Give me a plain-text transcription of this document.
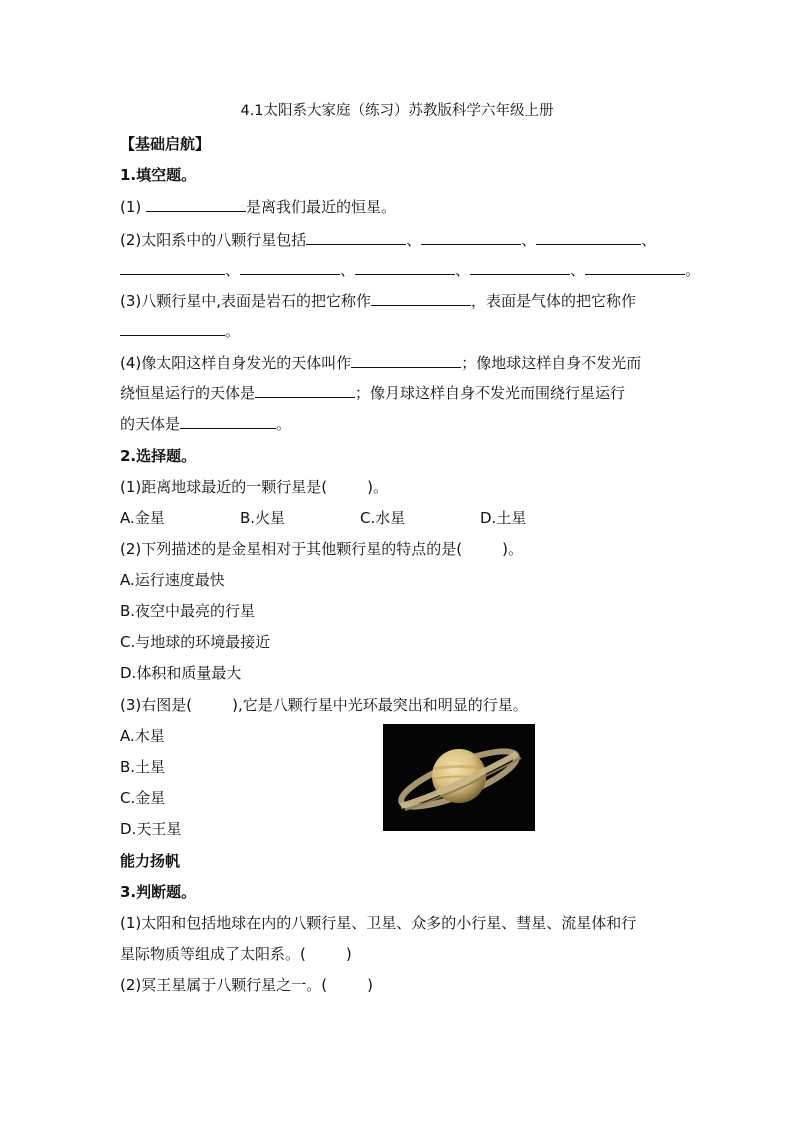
4.1太阳系大家庭（练习）苏教版科学六年级上册
【基础启航】
1.填空题。
(1)	是离我们最近的恒星。
(2)太阳系中的八颗行星包括	、	、	、
、	、	、	、	。
(3)八颗行星中,表面是岩石的把它称作	，表面是气体的把它称作
。
(4)像太阳这样自身发光的天体叫作	；像地球这样自身不发光而
绕恒星运行的天体是	；像月球这样自身不发光而围绕行星运行
的天体是	。
2.选择题。
(1)距离地球最近的一颗行星是(	)。
A.金星	B.火星	C.水星	D.土星
(2)下列描述的是金星相对于其他颗行星的特点的是(	)。
A.运行速度最快
B.夜空中最亮的行星
C.与地球的环境最接近
D.体积和质量最大
(3)右图是(	),它是八颗行星中光环最突出和明显的行星。
A.木星
B.土星
C.金星
D.天王星
能力扬帆
3.判断题。
(1)太阳和包括地球在内的八颗行星、卫星、众多的小行星、彗星、流星体和行
星际物质等组成了太阳系。(	)
(2)冥王星属于八颗行星之一。(	)
